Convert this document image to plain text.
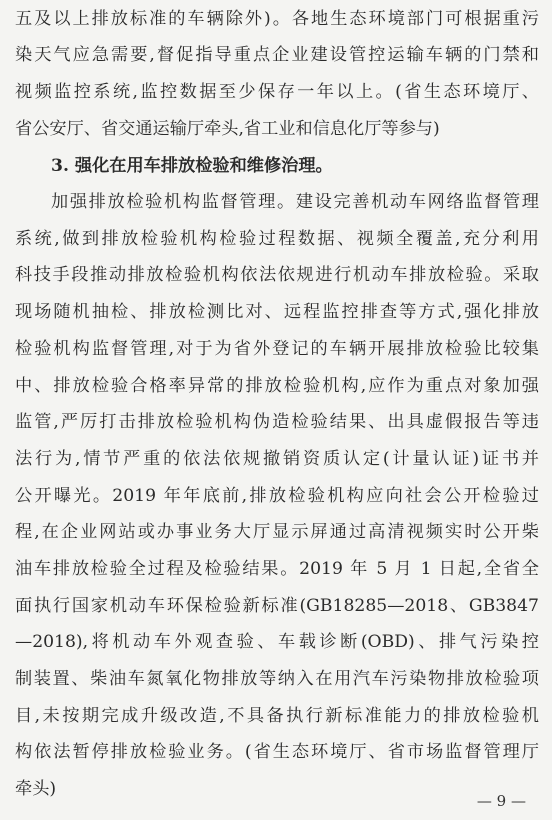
五及以上排放标准的车辆除外)。各地生态环境部门可根据重污
染天气应急需要,督促指导重点企业建设管控运输车辆的门禁和
视频监控系统,监控数据至少保存一年以上。(省生态环境厅、
省公安厅、省交通运输厅牵头,省工业和信息化厅等参与)
3. 强化在用车排放检验和维修治理。
加强排放检验机构监督管理。建设完善机动车网络监督管理
系统,做到排放检验机构检验过程数据、视频全覆盖,充分利用
科技手段推动排放检验机构依法依规进行机动车排放检验。采取
现场随机抽检、排放检测比对、远程监控排查等方式,强化排放
检验机构监督管理,对于为省外登记的车辆开展排放检验比较集
中、排放检验合格率异常的排放检验机构,应作为重点对象加强
监管,严厉打击排放检验机构伪造检验结果、出具虚假报告等违
法行为,情节严重的依法依规撤销资质认定(计量认证)证书并
公开曝光。2019 年年底前,排放检验机构应向社会公开检验过
程,在企业网站或办事业务大厅显示屏通过高清视频实时公开柴
油车排放检验全过程及检验结果。2019 年 5 月 1 日起,全省全
面执行国家机动车环保检验新标准(GB18285—2018、GB3847
—2018),将机动车外观查验、车载诊断(OBD)、排气污染控
制装置、柴油车氮氧化物排放等纳入在用汽车污染物排放检验项
目,未按期完成升级改造,不具备执行新标准能力的排放检验机
构依法暂停排放检验业务。(省生态环境厅、省市场监督管理厅
牵头)
— 9 —
